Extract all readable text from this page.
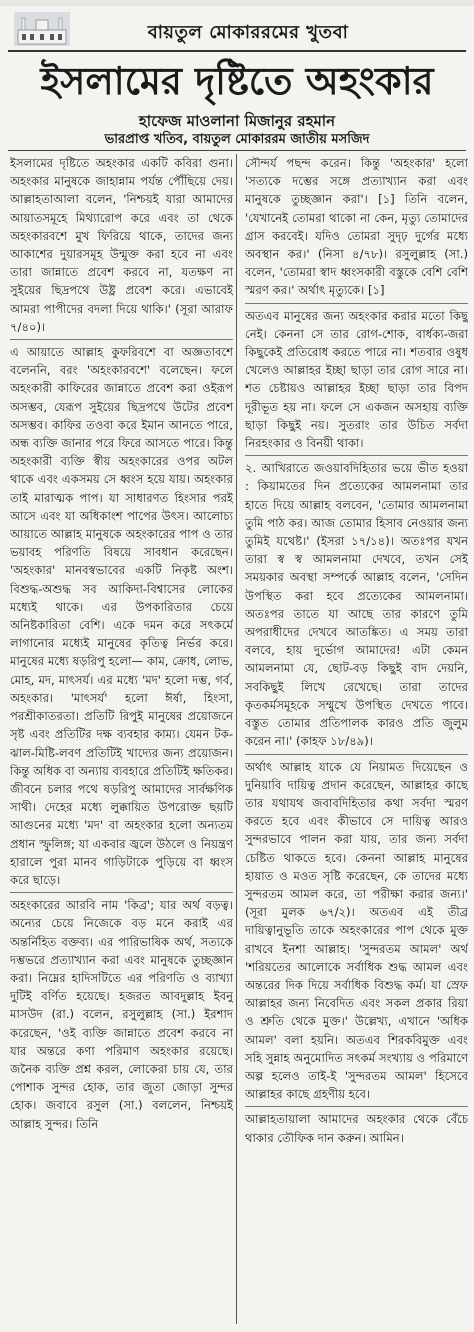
বায়তুল মোকাররমের খুতবা
ইসলামের দৃষ্টিতে অহংকার
হাফেজ মাওলানা মিজানুর রহমান
ভারপ্রাপ্ত খতিব, বায়তুল মোকাররম জাতীয় মসজিদ

ইসলামের দৃষ্টিতে অহংকার একটি কবিরা গুনা। অহংকার মানুষকে জাহান্নাম পর্যন্ত পৌঁছিয়ে দেয়। আল্লাহতাআলা বলেন, 'নিশ্চয়ই যারা আমাদের আয়াতসমূহে মিথ্যারোপ করে এবং তা থেকে অহংকারবশে মুখ ফিরিয়ে থাকে, তাদের জন্য আকাশের দুয়ারসমূহ উন্মুক্ত করা হবে না এবং তারা জান্নাতে প্রবেশ করবে না, যতক্ষণ না সুইয়ের ছিদ্রপথে উষ্ট্র প্রবেশ করে। এভাবেই আমরা পাপীদের বদলা দিয়ে থাকি।' (সূরা আরাফ ৭/৪০)।

এ আয়াতে আল্লাহ কুফরিবশে বা অজ্ঞতাবশে বলেননি, বরং 'অহংকারবশে' বলেছেন। ফলে অহংকারী কাফিরের জান্নাতে প্রবেশ করা ওইরূপ অসম্ভব, যেরূপ সুইয়ের ছিদ্রপথে উটের প্রবেশ অসম্ভব। কাফির তওবা করে ইমান আনতে পারে, অন্ধ ব্যক্তি জানার পরে ফিরে আসতে পারে। কিন্তু অহংকারী ব্যক্তি স্বীয় অহংকারের ওপর অটল থাকে এবং একসময় সে ধ্বংস হয়ে যায়। অহংকার তাই মারাত্মক পাপ। যা সাধারণত হিংসার পরই আসে এবং যা অধিকাংশ পাপের উৎস। আলোচ্য আয়াতে আল্লাহ মানুষকে অহংকারের পাপ ও তার ভয়াবহ পরিণতি বিষয়ে সাবধান করেছেন। 'অহংকার' মানবস্বভাবের একটি নিকৃষ্ট অংশ। বিশুদ্ধ-অশুদ্ধ সব আকিদা-বিশ্বাসের লোকের মধ্যেই থাকে। এর উপকারিতার চেয়ে অনিষ্টকারিতা বেশি। একে দমন করে সৎকর্মে লাগানোর মধ্যেই মানুষের কৃতিত্ব নির্ভর করে। মানুষের মধ্যে ষড়রিপু হলো— কাম, ক্রোধ, লোভ, মোহ, মদ, মাৎসর্য। এর মধ্যে 'মদ' হলো দম্ভ, গর্ব, অহংকার। 'মাৎসর্য' হলো ঈর্ষা, হিংসা, পরশ্রীকাতরতা। প্রতিটি রিপুই মানুষের প্রয়োজনে সৃষ্ট এবং প্রতিটির দক্ষ ব্যবহার কাম্য। যেমন টক-ঝাল-মিষ্টি-লবণ প্রতিটিই খাদ্যের জন্য প্রয়োজন। কিন্তু অধিক বা অন্যায় ব্যবহারে প্রতিটিই ক্ষতিকর। জীবনে চলার পথে ষড়রিপু আমাদের সার্বক্ষণিক সাথী। দেহের মধ্যে লুক্কায়িত উপরোক্ত ছয়টি আগুনের মধ্যে 'মদ' বা অহংকার হলো অন্যতম প্রধান স্ফুলিঙ্গ; যা একবার জ্বলে উঠলে ও নিয়ন্ত্রণ হারালে পুরা মানব গাড়িটাকে পুড়িয়ে বা ধ্বংস করে ছাড়ে।

অহংকারের আরবি নাম 'কিব্র'; যার অর্থ বড়ত্ব। অন্যের চেয়ে নিজেকে বড় মনে করাই এর অন্তর্নিহিত বক্তব্য। এর পারিভাষিক অর্থ, সত্যকে দম্ভভরে প্রত্যাখ্যান করা এবং মানুষকে তুচ্ছজ্ঞান করা। নিম্নের হাদিসটিতে এর পরিণতি ও ব্যাখ্যা দুটিই বর্ণিত হয়েছে। হজরত আবদুল্লাহ ইবনু মাসউদ (রা.) বলেন, রসুলুল্লাহ (সা.) ইরশাদ করেছেন, 'ওই ব্যক্তি জান্নাতে প্রবেশ করবে না যার অন্তরে কণা পরিমাণ অহংকার রয়েছে। জনৈক ব্যক্তি প্রশ্ন করল, লোকেরা চায় যে, তার পোশাক সুন্দর হোক, তার জুতা জোড়া সুন্দর হোক। জবাবে রসুল (সা.) বললেন, নিশ্চয়ই আল্লাহ সুন্দর। তিনি

সৌন্দর্য পছন্দ করেন। কিন্তু 'অহংকার' হলো 'সত্যকে দম্ভের সঙ্গে প্রত্যাখ্যান করা এবং মানুষকে তুচ্ছজ্ঞান করা'। [১] তিনি বলেন, 'যেখানেই তোমরা থাকো না কেন, মৃত্যু তোমাদের গ্রাস করবেই। যদিও তোমরা সুদৃঢ় দুর্গের মধ্যে অবস্থান কর।' (নিসা ৪/৭৮)। রসুলুল্লাহ (সা.) বলেন, 'তোমরা স্বাদ ধ্বংসকারী বস্তুকে বেশি বেশি স্মরণ কর।' অর্থাৎ মৃত্যুকে। [১]

অতএব মানুষের জন্য অহংকার করার মতো কিছু নেই। কেননা সে তার রোগ-শোক, বার্ধক্য-জরা কিছুকেই প্রতিরোধ করতে পারে না। শতবার ওষুধ খেলেও আল্লাহর ইচ্ছা ছাড়া তার রোগ সারে না। শত চেষ্টায়ও আল্লাহর ইচ্ছা ছাড়া তার বিপদ দূরীভূত হয় না। ফলে সে একজন অসহায় ব্যক্তি ছাড়া কিছুই নয়। সুতরাং তার উচিত সর্বদা নিরহংকার ও বিনয়ী থাকা।

২. আখিরাতে জওয়াবদিহিতার ভয়ে ভীত হওয়া : কিয়ামতের দিন প্রত্যেকের আমলনামা তার হাতে দিয়ে আল্লাহ বলবেন, 'তোমার আমলনামা তুমি পাঠ কর। আজ তোমার হিসাব নেওয়ার জন্য তুমিই যথেষ্ট।' (ইসরা ১৭/১৪)। অতঃপর যখন তারা স্ব স্ব আমলনামা দেখবে, তখন সেই সময়কার অবস্থা সম্পর্কে আল্লাহ বলেন, 'সেদিন উপস্থিত করা হবে প্রত্যেকের আমলনামা। অতঃপর তাতে যা আছে তার কারণে তুমি অপরাধীদের দেখবে আতঙ্কিত। এ সময় তারা বলবে, হায় দুর্ভোগ আমাদের! এটা কেমন আমলনামা যে, ছোট-বড় কিছুই বাদ দেয়নি, সবকিছুই লিখে রেখেছে। তারা তাদের কৃতকর্মসমূহকে সম্মুখে উপস্থিত দেখতে পাবে। বস্তুত তোমার প্রতিপালক কারও প্রতি জুলুম করেন না।' (কাহফ ১৮/৪৯)।

অর্থাৎ আল্লাহ যাকে যে নিয়ামত দিয়েছেন ও দুনিয়াবি দায়িত্ব প্রদান করেছেন, আল্লাহর কাছে তার যথাযথ জবাবদিহিতার কথা সর্বদা স্মরণ করতে হবে এবং কীভাবে সে দায়িত্ব আরও সুন্দরভাবে পালন করা যায়, তার জন্য সর্বদা চেষ্টিত থাকতে হবে। কেননা আল্লাহ মানুষের হায়াত ও মওত সৃষ্টি করেছেন, কে তাদের মধ্যে সুন্দরতম আমল করে, তা পরীক্ষা করার জন্য।' (সূরা মুলক ৬৭/২)। অতএব এই তীব্র দায়িত্বানুভূতি তাকে অহংকারের পাপ থেকে মুক্ত রাখবে ইনশা আল্লাহ। 'সুন্দরতম আমল' অর্থ 'শরিয়তের আলোকে সর্বাধিক শুদ্ধ আমল এবং অন্তরের দিক দিয়ে সর্বাধিক বিশুদ্ধ কর্ম। যা স্রেফ আল্লাহর জন্য নিবেদিত এবং সকল প্রকার রিয়া ও শ্রুতি থেকে মুক্ত।' উল্লেখ্য, এখানে 'অধিক আমল' বলা হয়নি। অতএব শিরকবিমুক্ত এবং সহি সুন্নাহ অনুমোদিত সৎকর্ম সংখ্যায় ও পরিমাণে অল্প হলেও তাই-ই 'সুন্দরতম আমল' হিসেবে আল্লাহর কাছে গ্রহণীয় হবে।

আল্লাহতায়ালা আমাদের অহংকার থেকে বেঁচে থাকার তৌফিক দান করুন। আমিন।
